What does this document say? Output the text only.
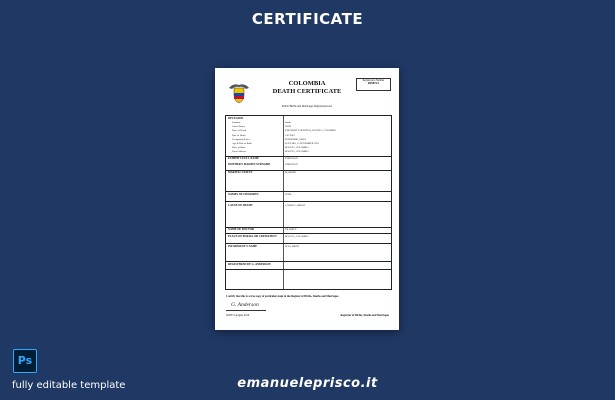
CERTIFICATE
COLOMBIA
DEATH CERTIFICATE
Registration Number
0098721
Public Births and Marriages Registration Act
DECEASED
Surname	Smith
Given Names	JOHN
Place of Death	UNIVERSITY HOSPITAL, BOGOTA, COLOMBIA
Date of Death	1/07/2019
Occupation & Sex	PENSIONER, MALE
Age & Date of Birth	66 YEARS, 15 NOVEMBER 1953
Place of Birth	BOGOTA, COLOMBIA
Usual Address	BOGOTA, COLOMBIA
FATHER'S FULL NAME	UNKNOWN
MOTHER'S MAIDEN SURNAME	UNKNOWN
MARITAL STATUS	MARRIED
NAMES OF CHILDREN	NONE
CAUSE OF DEATH	CARDIAC ARREST
NAME OF DOCTOR	DR SMITH
PLACE OF BURIAL OR CREMATION	BOGOTA, COLOMBIA
INFORMANT'S NAME	ROSA SMITH
REGISTERED BY G. ANDERSON
I certify that this is a true copy of particulars kept in the Register of Births, Deaths and Marriages.
G. Anderson
DATE 9 August 2019	Registrar of Births, Deaths and Marriages
Ps
fully editable template	emanueleprisco.it
